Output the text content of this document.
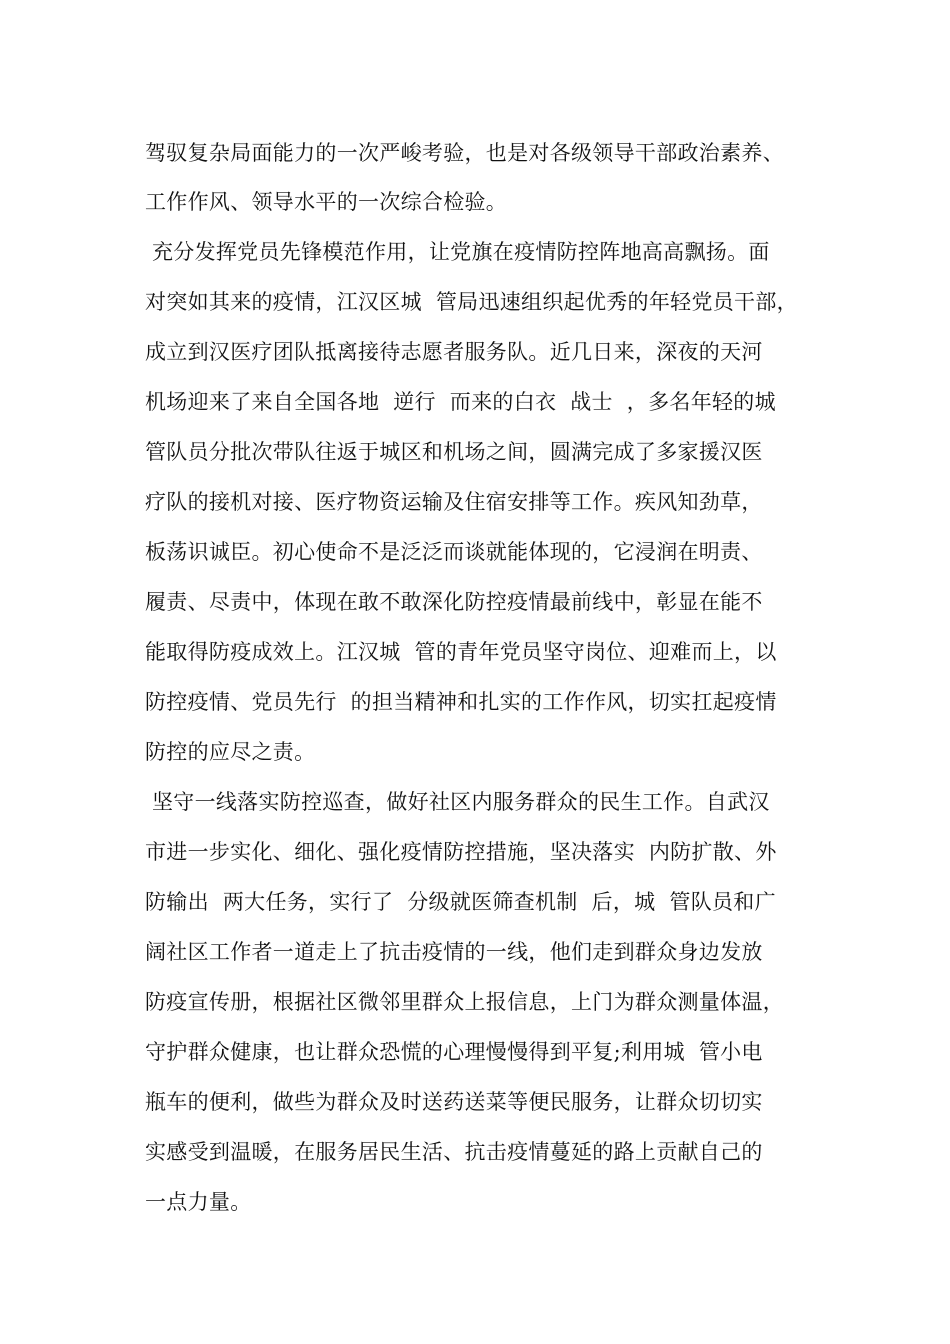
驾驭复杂局面能力的一次严峻考验，也是对各级领导干部政治素养、
工作作风、领导水平的一次综合检验。
充分发挥党员先锋模范作用，让党旗在疫情防控阵地高高飘扬。面
对突如其来的疫情，江汉区城  管局迅速组织起优秀的年轻党员干部，
成立到汉医疗团队抵离接待志愿者服务队。近几日来，深夜的天河
机场迎来了来自全国各地  逆行  而来的白衣  战士  ，多名年轻的城
管队员分批次带队往返于城区和机场之间，圆满完成了多家援汉医
疗队的接机对接、医疗物资运输及住宿安排等工作。疾风知劲草，
板荡识诚臣。初心使命不是泛泛而谈就能体现的，它浸润在明责、
履责、尽责中，体现在敢不敢深化防控疫情最前线中，彰显在能不
能取得防疫成效上。江汉城  管的青年党员坚守岗位、迎难而上，以
防控疫情、党员先行  的担当精神和扎实的工作作风，切实扛起疫情
防控的应尽之责。
坚守一线落实防控巡查，做好社区内服务群众的民生工作。自武汉
市进一步实化、细化、强化疫情防控措施，坚决落实  内防扩散、外
防输出  两大任务，实行了  分级就医筛查机制  后，城  管队员和广
阔社区工作者一道走上了抗击疫情的一线，他们走到群众身边发放
防疫宣传册，根据社区微邻里群众上报信息，上门为群众测量体温，
守护群众健康，也让群众恐慌的心理慢慢得到平复;利用城  管小电
瓶车的便利，做些为群众及时送药送菜等便民服务，让群众切切实
实感受到温暖，在服务居民生活、抗击疫情蔓延的路上贡献自己的
一点力量。
